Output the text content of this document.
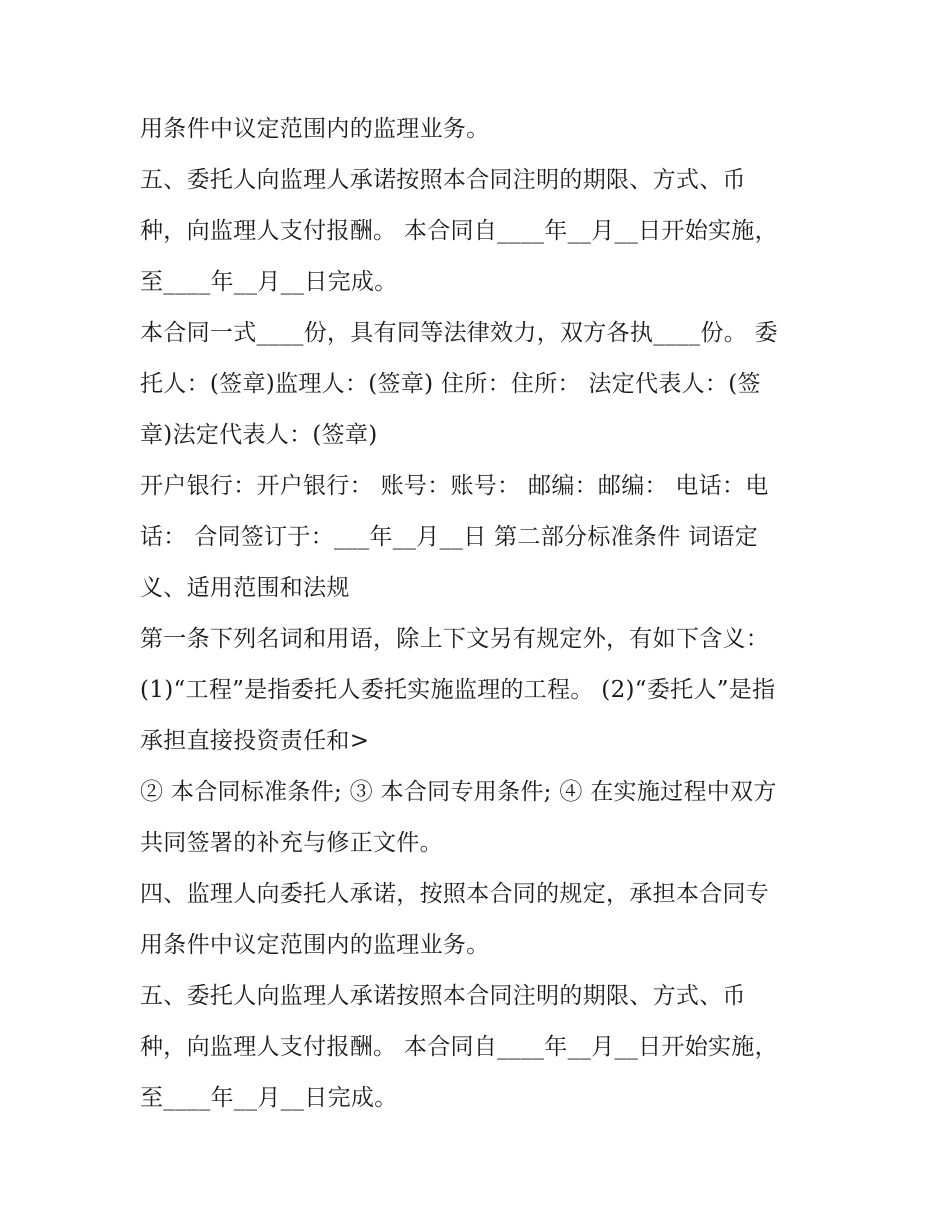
用条件中议定范围内的监理业务。
五、委托人向监理人承诺按照本合同注明的期限、方式、币
种，向监理人支付报酬。 本合同自____年__月__日开始实施，
至____年__月__日完成。
本合同一式____份，具有同等法律效力，双方各执____份。 委
托人：(签章)监理人：(签章) 住所：住所： 法定代表人：(签
章)法定代表人：(签章)
开户银行：开户银行： 账号：账号： 邮编：邮编： 电话：电
话： 合同签订于：___年__月__日 第二部分标准条件 词语定
义、适用范围和法规
第一条下列名词和用语，除上下文另有规定外，有如下含义：
(1)“工程”是指委托人委托实施监理的工程。 (2)“委托人”是指
承担直接投资责任和>
② 本合同标准条件; ③ 本合同专用条件; ④ 在实施过程中双方
共同签署的补充与修正文件。
四、监理人向委托人承诺，按照本合同的规定，承担本合同专
用条件中议定范围内的监理业务。
五、委托人向监理人承诺按照本合同注明的期限、方式、币
种，向监理人支付报酬。 本合同自____年__月__日开始实施，
至____年__月__日完成。
